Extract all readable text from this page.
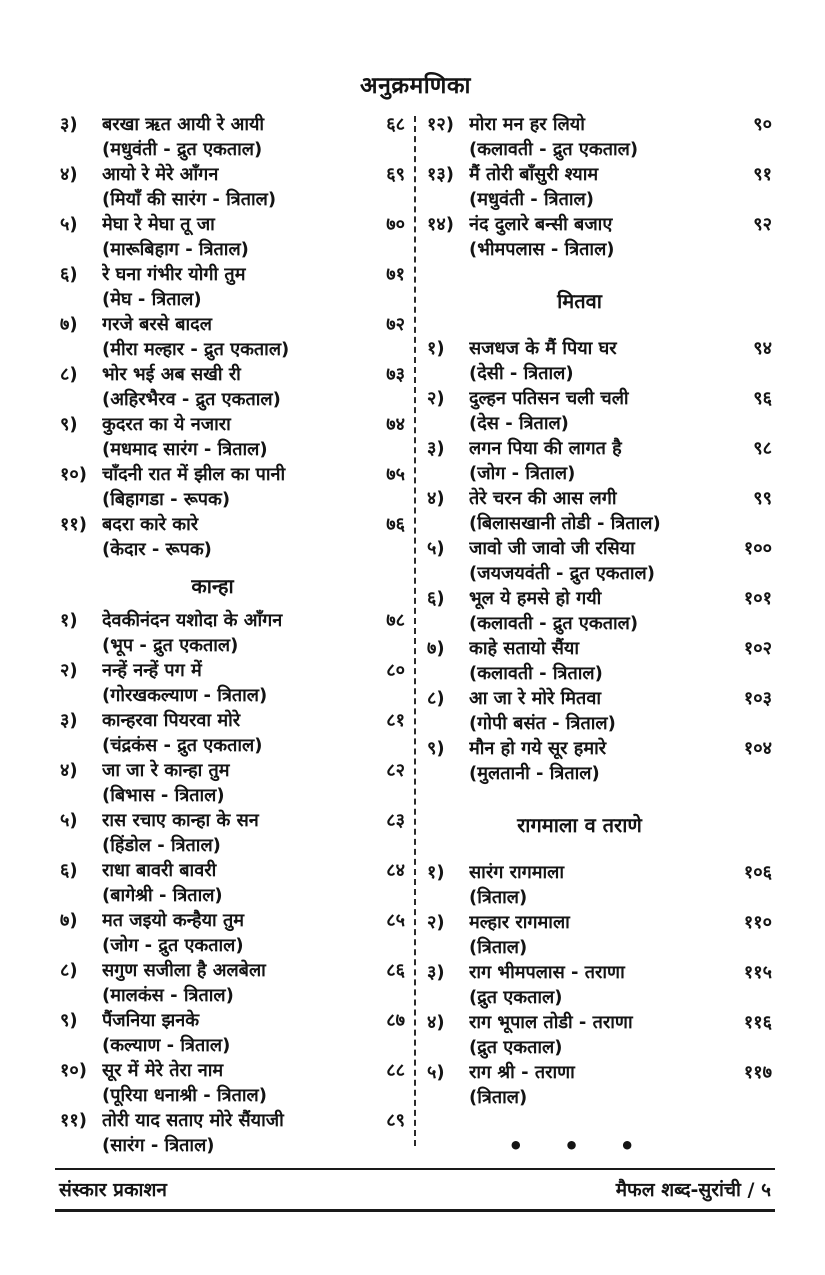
अनुक्रमणिका
३)	बरखा ऋत आयी रे आयी	६८
(मधुवंती - द्रुत एकताल)
४)	आयो रे मेरे आँगन	६९
(मियाँ की सारंग - त्रिताल)
५)	मेघा रे मेघा तू जा	७०
(मारूबिहाग - त्रिताल)
६)	रे घना गंभीर योगी तुम	७१
(मेघ - त्रिताल)
७)	गरजे बरसे बादल	७२
(मीरा मल्हार - द्रुत एकताल)
८)	भोर भई अब सखी री	७३
(अहिरभैरव - द्रुत एकताल)
९)	कुदरत का ये नजारा	७४
(मधमाद सारंग - त्रिताल)
१०) चाँदनी रात में झील का पानी	७५
(बिहागडा - रूपक)
११) बदरा कारे कारे	७६
(केदार - रूपक)
कान्हा
१)	देवकीनंदन यशोदा के आँगन	७८
(भूप - द्रुत एकताल)
२)	नन्हें नन्हें पग में	८०
(गोरखकल्याण - त्रिताल)
३)	कान्हरवा पियरवा मोरे	८१
(चंद्रकंस - द्रुत एकताल)
४)	जा जा रे कान्हा तुम	८२
(बिभास - त्रिताल)
५)	रास रचाए कान्हा के सन	८३
(हिंडोल - त्रिताल)
६)	राधा बावरी बावरी	८४
(बागेश्री - त्रिताल)
७)	मत जइयो कन्हैया तुम	८५
(जोग - द्रुत एकताल)
८)	सगुण सजीला है अलबेला	८६
(मालकंस - त्रिताल)
९)	पैंजनिया झनके	८७
(कल्याण - त्रिताल)
१०) सूर में मेरे तेरा नाम	८८
(पूरिया धनाश्री - त्रिताल)
११) तोरी याद सताए मोरे सैंयाजी	८९
(सारंग - त्रिताल)
१२) मोरा मन हर लियो	९०
(कलावती - द्रुत एकताल)
१३) मैं तोरी बाँसुरी श्याम	९१
(मधुवंती - त्रिताल)
१४) नंद दुलारे बन्सी बजाए	९२
(भीमपलास - त्रिताल)
मितवा
१)	सजधज के मैं पिया घर	९४
(देसी - त्रिताल)
२)	दुल्हन पतिसन चली चली	९६
(देस - त्रिताल)
३)	लगन पिया की लागत है	९८
(जोग - त्रिताल)
४)	तेरे चरन की आस लगी	९९
(बिलासखानी तोडी - त्रिताल)
५)	जावो जी जावो जी रसिया	१००
(जयजयवंती - द्रुत एकताल)
६)	भूल ये हमसे हो गयी	१०१
(कलावती - द्रुत एकताल)
७)	काहे सतायो सैंया	१०२
(कलावती - त्रिताल)
८)	आ जा रे मोरे मितवा	१०३
(गोपी बसंत - त्रिताल)
९)	मौन हो गये सूर हमारे	१०४
(मुलतानी - त्रिताल)
रागमाला व तराणे
१)	सारंग रागमाला	१०६
(त्रिताल)
२)	मल्हार रागमाला	११०
(त्रिताल)
३)	राग भीमपलास - तराणा	११५
(द्रुत एकताल)
४)	राग भूपाल तोडी - तराणा	११६
(द्रुत एकताल)
५)	राग श्री - तराणा	११७
(त्रिताल)
• • •
संस्कार प्रकाशन	मैफल शब्द-सुरांची / ५
